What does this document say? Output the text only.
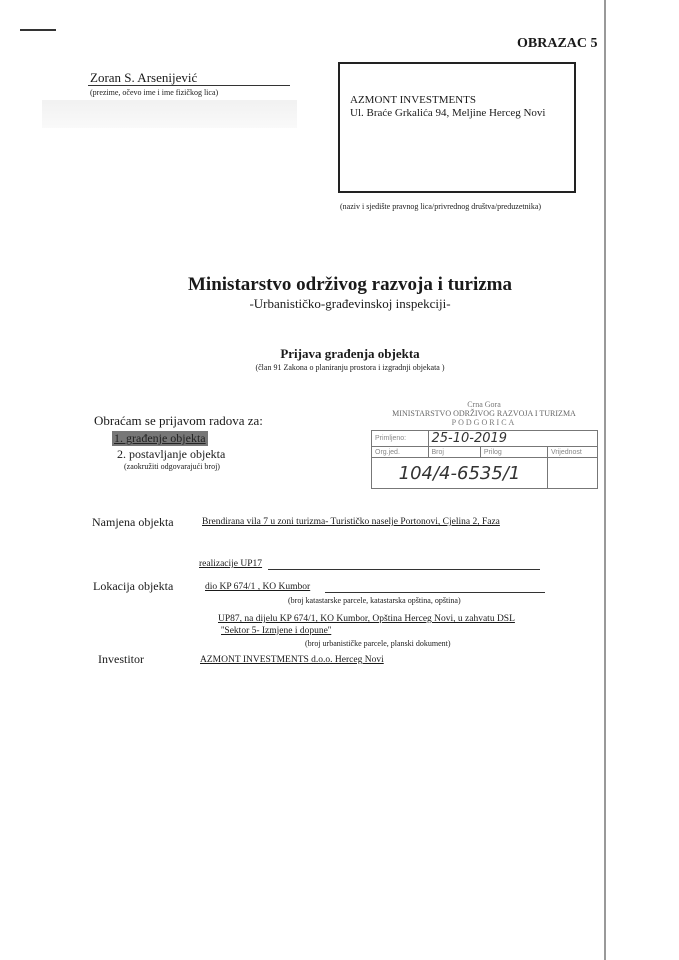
OBRAZAC 5
Zoran S. Arsenijević
(prezime, očevo ime i ime fizičkog lica)
AZMONT INVESTMENTS
Ul. Braće Grkalića 94, Meljine Herceg Novi
(naziv i sjedište pravnog lica/privrednog društva/preduzetnika)
Ministarstvo održivog razvoja i turizma
-Urbanističko-građevinskoj inspekciji-
Prijava građenja objekta
(član 91 Zakona o planiranju prostora i izgradnji objekata )
Obraćam se prijavom radova za:
1. građenje objekta
2. postavljanje objekta
(zaokružiti odgovarajući broj)
Crna Gora
MINISTARSTVO ODRŽIVOG RAZVOJA I TURIZMA
PODGORICA
Primljeno:	25-10-2019		
Org.jed.	Broj	Prilog	Vrijednost
104/4-6535/1			
Namjena objekta	Brendirana vila 7 u zoni turizma- Turističko naselje Portonovi, Cjelina 2, Faza
realizacije UP17
Lokacija objekta	dio KP 674/1 , KO Kumbor
(broj katastarske parcele, katastarska opština, opština)
UP87, na dijelu KP 674/1, KO Kumbor, Opština Herceg Novi, u zahvatu DSL
''Sektor 5- Izmjene i dopune''
(broj urbanističke parcele, planski dokument)
Investitor	AZMONT INVESTMENTS d.o.o. Herceg Novi
